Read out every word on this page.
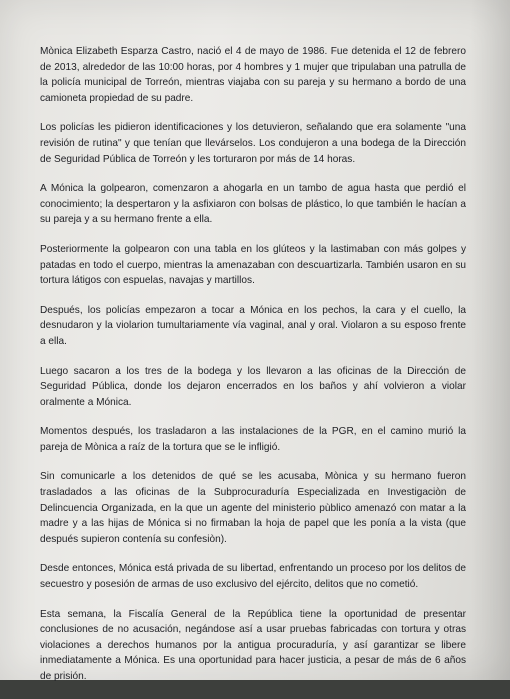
Mònica Elizabeth Esparza Castro, nació el 4 de mayo de 1986. Fue detenida el 12 de febrero de 2013, alrededor de las 10:00 horas, por 4 hombres y 1 mujer que tripulaban una patrulla de la policía municipal de Torreón, mientras viajaba con su pareja y su hermano a bordo de una camioneta propiedad de su padre.

Los policías les pidieron identificaciones y los detuvieron, señalando que era solamente "una revisión de rutina" y que tenían que llevárselos. Los condujeron a una bodega de la Dirección de Seguridad Pública de Torreón y les torturaron por más de 14 horas.

A Mónica la golpearon, comenzaron a ahogarla en un tambo de agua hasta que perdió el conocimiento; la despertaron y la asfixiaron con bolsas de plástico, lo que también le hacían a su pareja y a su hermano frente a ella.

Posteriormente la golpearon con una tabla en los glúteos y la lastimaban con más golpes y patadas en todo el cuerpo, mientras la amenazaban con descuartizarla. También usaron en su tortura látigos con espuelas, navajas y martillos.

Después, los policías empezaron a tocar a Mónica en los pechos, la cara y el cuello, la desnudaron y la violarion tumultariamente vía vaginal, anal y oral. Violaron a su esposo frente a ella.

Luego sacaron a los tres de la bodega y los llevaron a las oficinas de la Dirección de Seguridad Pública, donde los dejaron encerrados en los baños y ahí volvieron a violar oralmente a Mónica.

Momentos después, los trasladaron a las instalaciones de la PGR, en el camino murió la pareja de Mònica a raíz de la tortura que se le infligió.

Sin comunicarle a los detenidos de qué se les acusaba, Mònica y su hermano fueron trasladados a las oficinas de la Subprocuraduría Especializada en Investigaciòn de Delincuencia Organizada, en la que un agente del ministerio pùblico amenazó con matar a la madre y a las hijas de Mónica si no firmaban la hoja de papel que les ponía a la vista (que después supieron contenía su confesiòn).

Desde entonces, Mónica está privada de su libertad, enfrentando un proceso por los delitos de secuestro y posesión de armas de uso exclusivo del ejército, delitos que no cometió.

Esta semana, la Fiscalía General de la República tiene la oportunidad de presentar conclusiones de no acusación, negándose así a usar pruebas fabricadas con tortura y otras violaciones a derechos humanos por la antigua procuraduría, y así garantizar se libere inmediatamente a Mónica. Es una oportunidad para hacer justicia, a pesar de más de 6 años de prisión.
